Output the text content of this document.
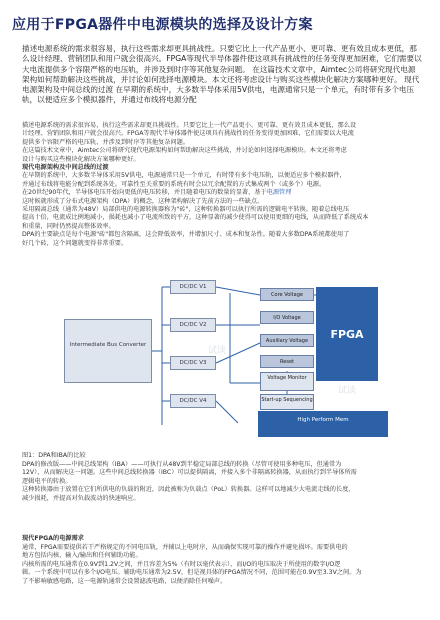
应用于FPGA器件中电源模块的选择及设计方案
描述电源系统的需求很容易，执行这些需求却更具挑战性。只要它比上一代产品更小、更可靠、更有效且成本更低，那么设计经理、营销团队和用户就会很高兴。FPGA等现代半导体器件使这项具有挑战性的任务变得更加困难，它们需要以大电流提供多个容限严格的电压轨，并涉及到时序等其他复杂问题。 在这篇技术文章中，Aimtec公司将研究现代电源架构如何帮助解决这些挑战，并讨论如何选择电源模块。本文还将考虑设计与购买这些模块化解决方案哪种更好。 现代电源架构及中间总线的过渡 在早期的系统中，大多数半导体采用5V供电，电源通常只是一个单元，有时带有多个电压轨，以便适应多个模拟器件，并通过布线将电源分配

描述电源系统的需求很容易，执行这些需求却更具挑战性。只要它比上一代产品更小、更可靠、更有效且成本更低，那么设

计经理、营销团队和用户就会很高兴。FPGA等现代半导体器件使这项具有挑战性的任务变得更加困难，它们需要以大电流

提供多个容限严格的电压轨，并涉及到时序等其他复杂问题。

在这篇技术文章中，Aimtec公司将研究现代电源架构如何帮助解决这些挑战，并讨论如何选择电源模块。本文还将考虑

设计与购买这些模块化解决方案哪种更好。

现代电源架构及中间总线的过渡

在早期的系统中，大多数半导体采用5V供电，电源通常只是一个单元，有时带有多个电压轨，以便适应多个模拟器件，

并通过布线将电能分配到系统各处。可靠性至关重要的系统有时会以冗余配置的方式集成两个（或多个）电源。

在20世纪90年代，半导体电压开始向更低的电压转移，并且随着电压的数量的显著，基于电源管理

这时候就形成了分布式电源架构（DPA）的概念，这种架构解决了先前方法的一些缺点。

采用隔离总线（通常为48V）局部供电的电源转换器称为"砖"，这种转换器可以执行所需的逻辑电平转换。随着总线电压

提高十倍，电流成比例地减小，损耗也减小了电流所致的平方，这种显著的减少使得可以使用更细的电线，从而降低了系统成本

和重量，同时仍然提高整体效率。

DPA的主要缺点是每个电源"砖"都包含隔离，这会降低效率，并增加尺寸、成本和复杂性。随着大多数DPA系统都使用了

好几个砖，这个问题就变得非常重要。

Intermediate Bus Converter
DC/DC V1
DC/DC V2
DC/DC V3
DC/DC V4
Core Voltage
I/O Voltage
Auxiliary Voltage
Reset
FPGA
Voltage Monitor
Start-up Sequencing
High Perform Mem
试读
试读

图1：DPA和IBA的比较

DPA的修改版——中间总线架构（IBA）——可执行从48V到半稳定局部总线的转换（尽管可使用多种电压，但通常为

12V），从而解决这一问题。这些中间总线转换器（IBC）可以提供隔离，并接入多个非隔离转换器，从而执行到半导体所需

逻辑电平的转换。

这种转换器由于放置在它们所供电的负载的附近，因此被称为负载点（PoL）转换器。这样可以地减少大电流走线的长度，

减少损耗，并提高对负载波动的快速响应。

现代FPGA的电源需求

通常，FPGA需要提供若干严格规定的不同电压轨，并辅以上电时序，从而确保实现可靠的操作并避免损坏。需要供电的

地方包括内核、输入/输出和任何辅助功能。

内核所需的电压通常在0.9V到1.2V之间，并且容差为5%（有时以毫伏表示），而I/O的电压取决于所使用的数字I/O逻

辑。一个系统中可以有多个I/O电压。辅助电压通常为2.5V，但是视具体的FPGA情况不同，范围可能在0.9V至3.3V之间。为

了不影响敏感电路，这一电源轨通常会设置滤波电路，以便消除任何噪声。
